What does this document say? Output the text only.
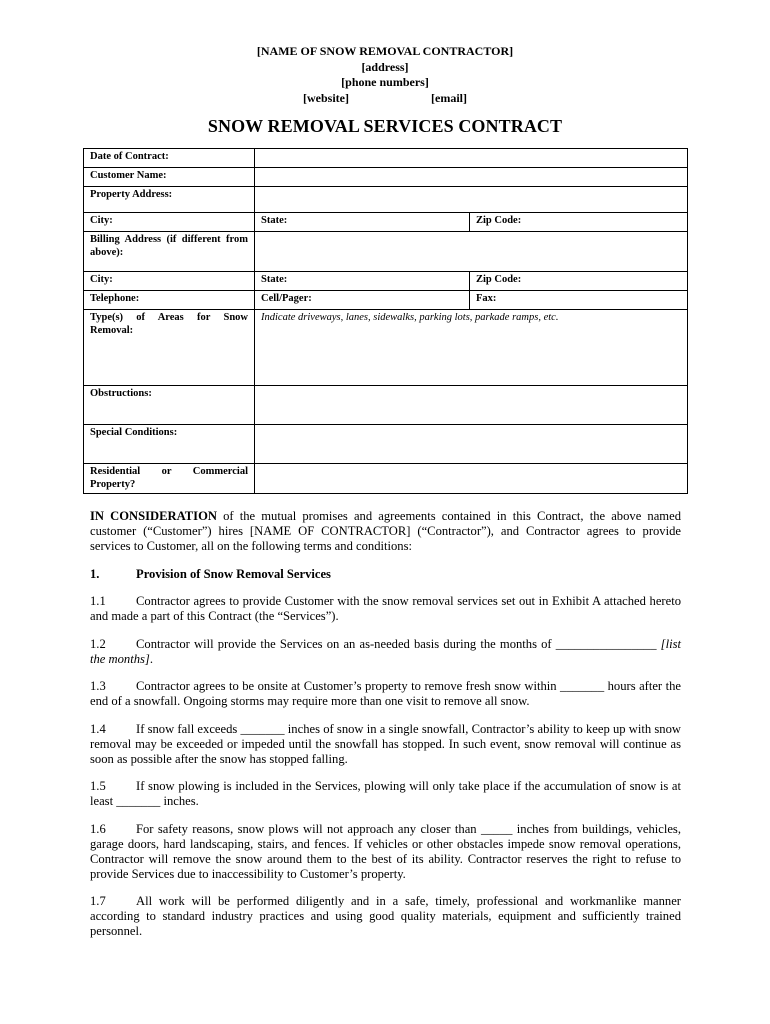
[NAME OF SNOW REMOVAL CONTRACTOR]
[address]
[phone numbers]
[website]	[email]
SNOW REMOVAL SERVICES CONTRACT
Date of Contract:		
Customer Name:		
Property Address:		
City:	State:	Zip Code:
Billing Address (if different from above):		
City:	State:	Zip Code:
Telephone:	Cell/Pager:	Fax:
Type(s) of Areas for Snow Removal:	Indicate driveways, lanes, sidewalks, parking lots, parkade ramps, etc.	
Obstructions:		
Special Conditions:		
Residential or Commercial Property?		

IN CONSIDERATION of the mutual promises and agreements contained in this Contract, the above named customer (“Customer”) hires [NAME OF CONTRACTOR] (“Contractor”), and Contractor agrees to provide services to Customer, all on the following terms and conditions:

1.	Provision of Snow Removal Services

1.1 Contractor agrees to provide Customer with the snow removal services set out in Exhibit A attached hereto and made a part of this Contract (the “Services”).

1.2 Contractor will provide the Services on an as-needed basis during the months of ________________ [list the months].

1.3 Contractor agrees to be onsite at Customer’s property to remove fresh snow within _______ hours after the end of a snowfall. Ongoing storms may require more than one visit to remove all snow.

1.4 If snow fall exceeds _______ inches of snow in a single snowfall, Contractor’s ability to keep up with snow removal may be exceeded or impeded until the snowfall has stopped. In such event, snow removal will continue as soon as possible after the snow has stopped falling.

1.5 If snow plowing is included in the Services, plowing will only take place if the accumulation of snow is at least _______ inches.

1.6 For safety reasons, snow plows will not approach any closer than _____ inches from buildings, vehicles, garage doors, hard landscaping, stairs, and fences. If vehicles or other obstacles impede snow removal operations, Contractor will remove the snow around them to the best of its ability. Contractor reserves the right to refuse to provide Services due to inaccessibility to Customer’s property.

1.7 All work will be performed diligently and in a safe, timely, professional and workmanlike manner according to standard industry practices and using good quality materials, equipment and sufficiently trained personnel.
